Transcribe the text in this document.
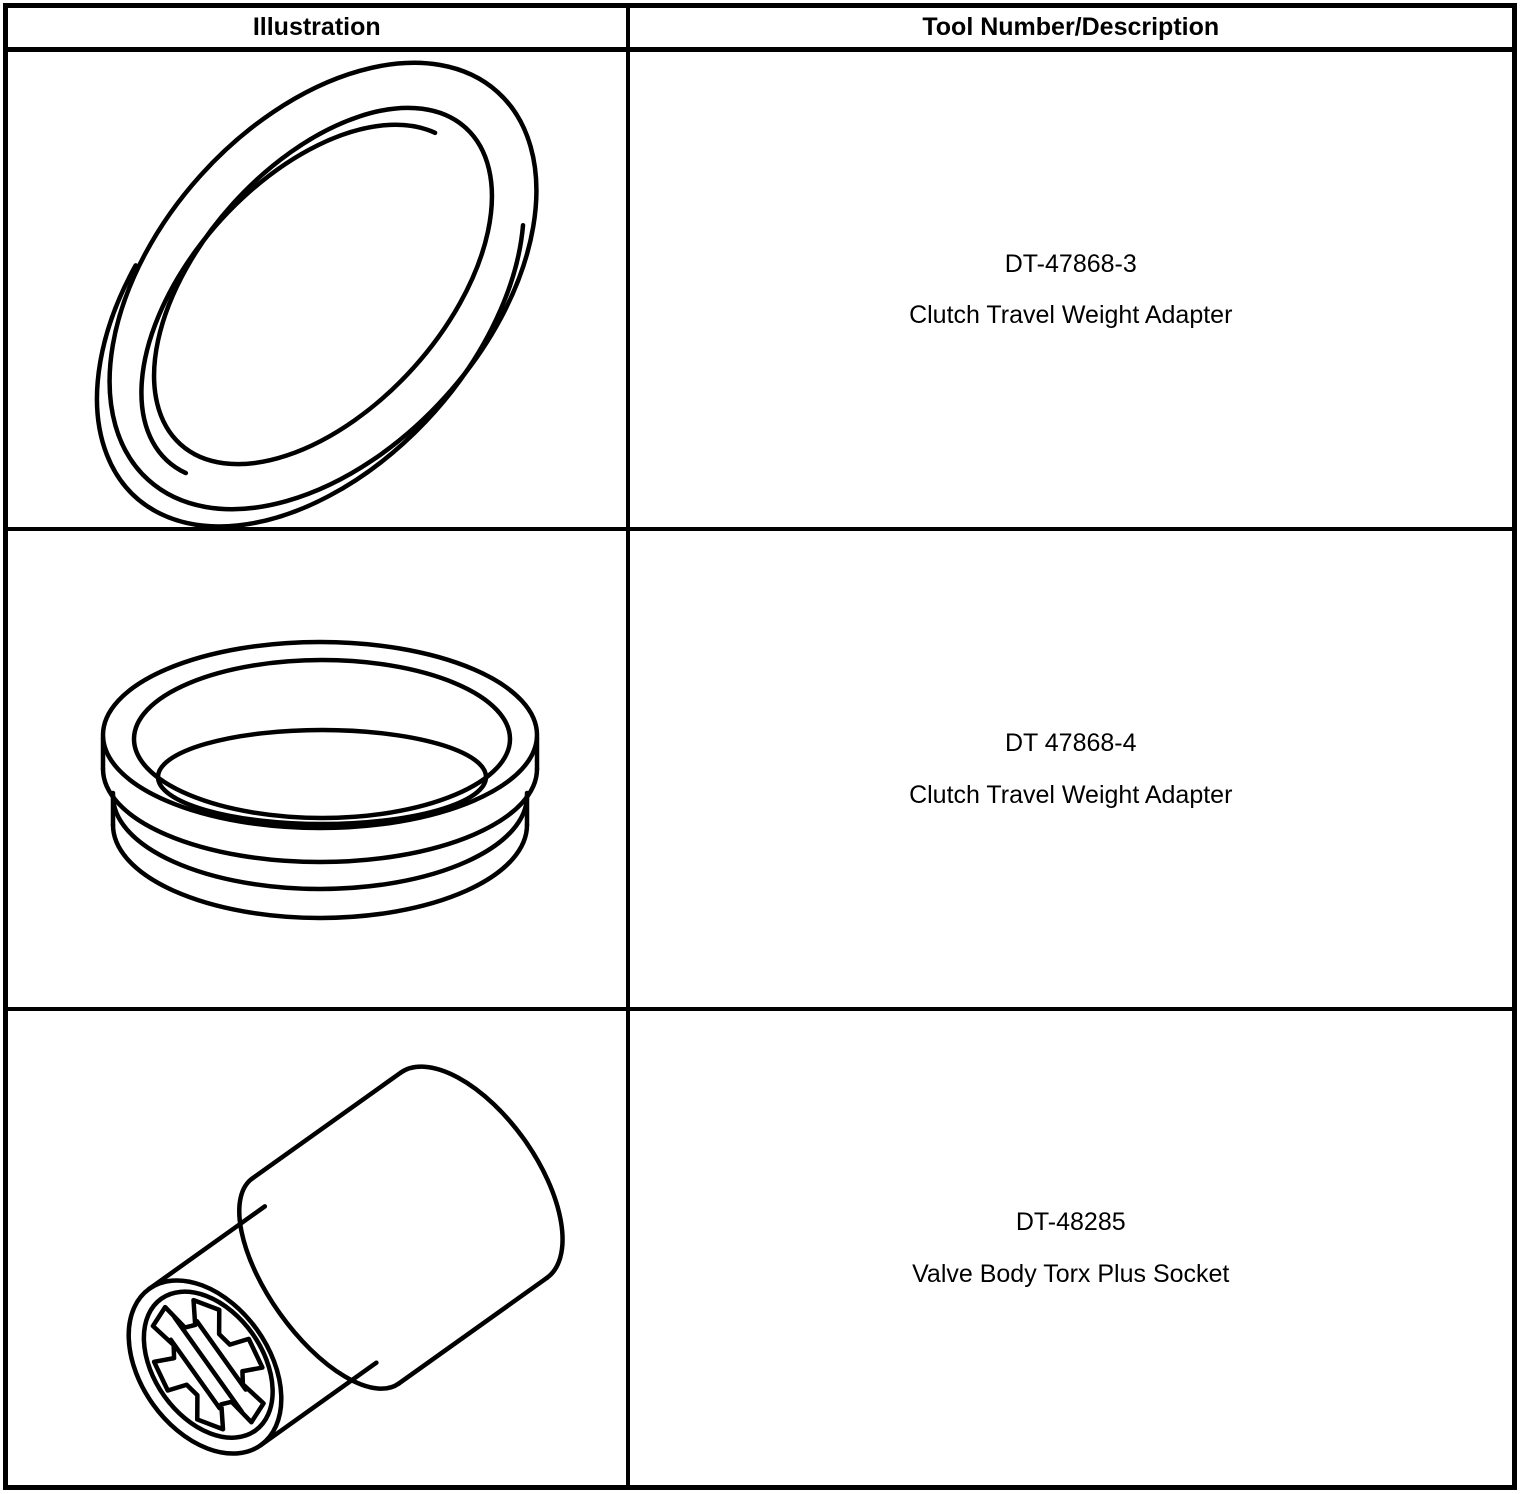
Illustration	Tool Number/Description

DT-47868-3
Clutch Travel Weight Adapter

DT 47868-4
Clutch Travel Weight Adapter

DT-48285
Valve Body Torx Plus Socket
